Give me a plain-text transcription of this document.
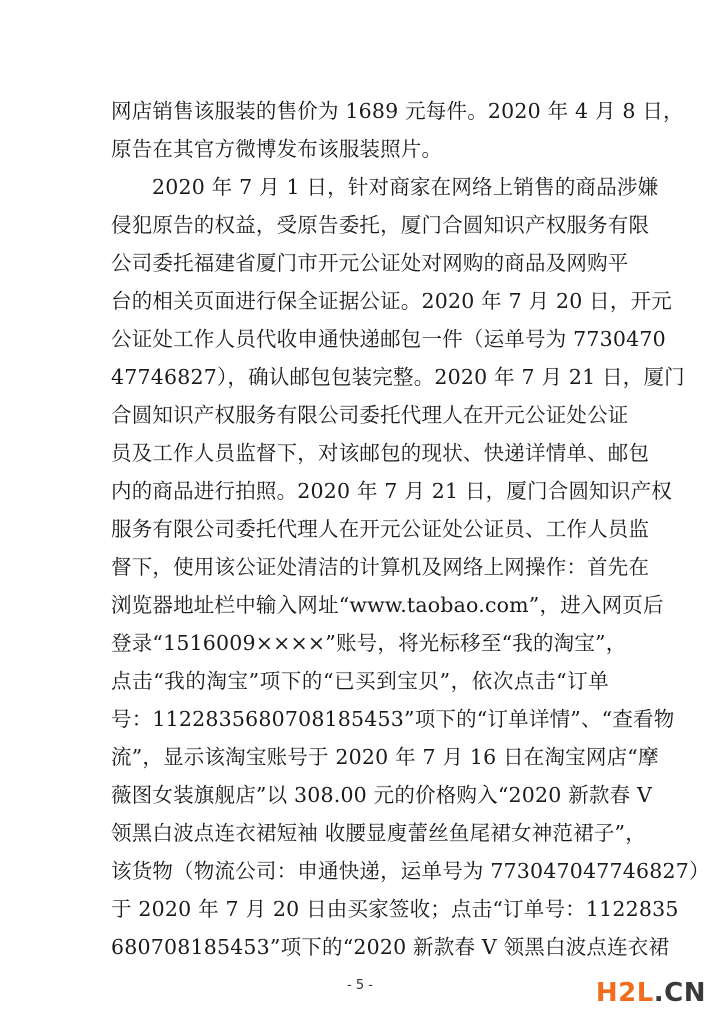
网店销售该服装的售价为 1689 元每件。2020 年 4 月 8 日，
原告在其官方微博发布该服装照片。
2020 年 7 月 1 日，针对商家在网络上销售的商品涉嫌
侵犯原告的权益，受原告委托，厦门合圆知识产权服务有限
公司委托福建省厦门市开元公证处对网购的商品及网购平
台的相关页面进行保全证据公证。2020 年 7 月 20 日，开元
公证处工作人员代收申通快递邮包一件（运单号为 7730470
47746827），确认邮包包装完整。2020 年 7 月 21 日，厦门
合圆知识产权服务有限公司委托代理人在开元公证处公证
员及工作人员监督下，对该邮包的现状、快递详情单、邮包
内的商品进行拍照。2020 年 7 月 21 日，厦门合圆知识产权
服务有限公司委托代理人在开元公证处公证员、工作人员监
督下，使用该公证处清洁的计算机及网络上网操作：首先在
浏览器地址栏中输入网址“www.taobao.com”，进入网页后
登录“1516009××××”账号，将光标移至“我的淘宝”，
点击“我的淘宝”项下的“已买到宝贝”，依次点击“订单
号：1122835680708185453”项下的“订单详情”、“查看物
流”，显示该淘宝账号于 2020 年 7 月 16 日在淘宝网店“摩
薇图女装旗舰店”以 308.00 元的价格购入“2020 新款春 V
领黑白波点连衣裙短袖 收腰显廋蕾丝鱼尾裙女神范裙子”，
该货物（物流公司：申通快递，运单号为 773047047746827）
于 2020 年 7 月 20 日由买家签收；点击“订单号：1122835
680708185453”项下的“2020 新款春 V 领黑白波点连衣裙
- 5 -	H2L.CN
